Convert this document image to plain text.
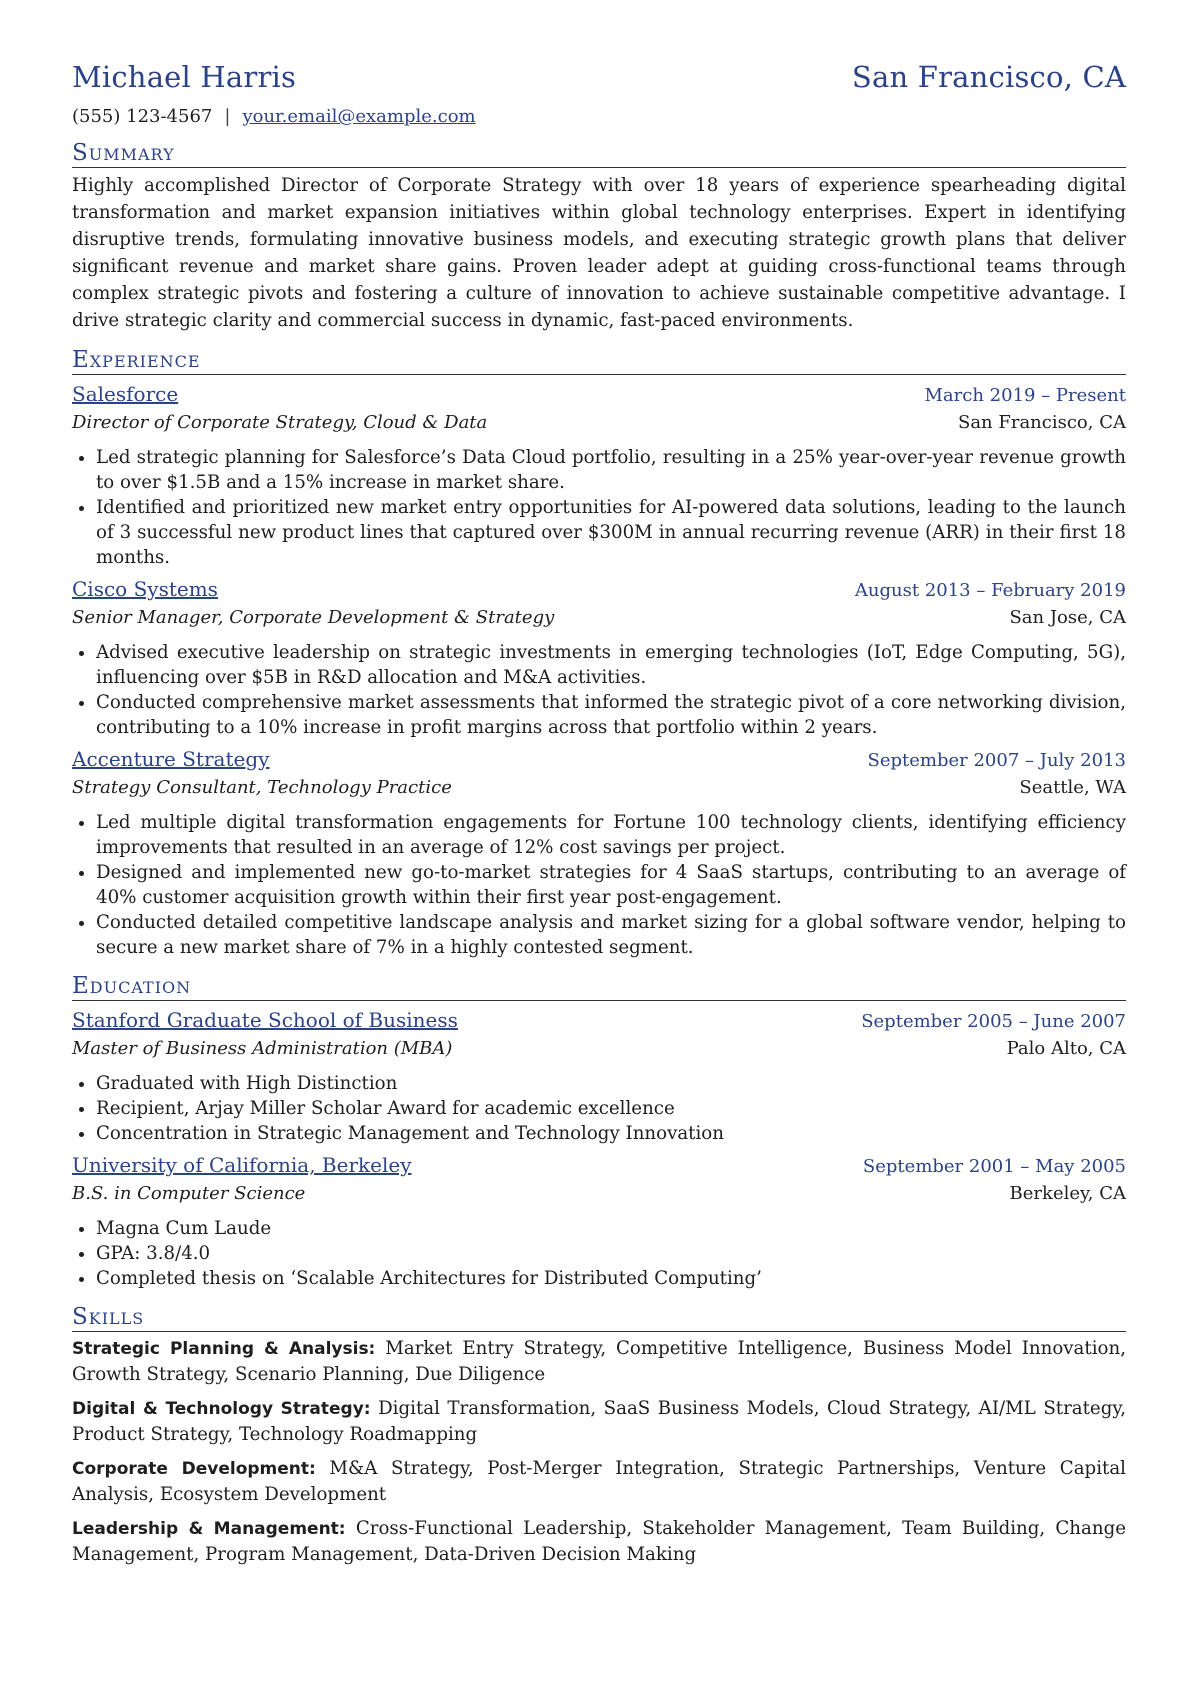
Michael Harris	San Francisco, CA
(555) 123-4567 | your.email@example.com
Summary
Highly accomplished Director of Corporate Strategy with over 18 years of experience spearheading digital transformation and market expansion initiatives within global technology enterprises. Expert in identifying disruptive trends, formulating innovative business models, and executing strategic growth plans that deliver significant revenue and market share gains. Proven leader adept at guiding cross-functional teams through complex strategic pivots and fostering a culture of innovation to achieve sustainable competitive advantage. I drive strategic clarity and commercial success in dynamic, fast-paced environments.
Experience
Salesforce	March 2019 – Present
Director of Corporate Strategy, Cloud & Data	San Francisco, CA
• Led strategic planning for Salesforce’s Data Cloud portfolio, resulting in a 25% year-over-year revenue growth to over $1.5B and a 15% increase in market share.
• Identified and prioritized new market entry opportunities for AI-powered data solutions, leading to the launch of 3 successful new product lines that captured over $300M in annual recurring revenue (ARR) in their first 18 months.
Cisco Systems	August 2013 – February 2019
Senior Manager, Corporate Development & Strategy	San Jose, CA
• Advised executive leadership on strategic investments in emerging technologies (IoT, Edge Computing, 5G), influencing over $5B in R&D allocation and M&A activities.
• Conducted comprehensive market assessments that informed the strategic pivot of a core networking division, contributing to a 10% increase in profit margins across that portfolio within 2 years.
Accenture Strategy	September 2007 – July 2013
Strategy Consultant, Technology Practice	Seattle, WA
• Led multiple digital transformation engagements for Fortune 100 technology clients, identifying efficiency improvements that resulted in an average of 12% cost savings per project.
• Designed and implemented new go-to-market strategies for 4 SaaS startups, contributing to an average of 40% customer acquisition growth within their first year post-engagement.
• Conducted detailed competitive landscape analysis and market sizing for a global software vendor, helping to secure a new market share of 7% in a highly contested segment.
Education
Stanford Graduate School of Business	September 2005 – June 2007
Master of Business Administration (MBA)	Palo Alto, CA
• Graduated with High Distinction
• Recipient, Arjay Miller Scholar Award for academic excellence
• Concentration in Strategic Management and Technology Innovation
University of California, Berkeley	September 2001 – May 2005
B.S. in Computer Science	Berkeley, CA
• Magna Cum Laude
• GPA: 3.8/4.0
• Completed thesis on ‘Scalable Architectures for Distributed Computing’
Skills
Strategic Planning & Analysis: Market Entry Strategy, Competitive Intelligence, Business Model Innovation, Growth Strategy, Scenario Planning, Due Diligence
Digital & Technology Strategy: Digital Transformation, SaaS Business Models, Cloud Strategy, AI/ML Strategy, Product Strategy, Technology Roadmapping
Corporate Development: M&A Strategy, Post-Merger Integration, Strategic Partnerships, Venture Capital Analysis, Ecosystem Development
Leadership & Management: Cross-Functional Leadership, Stakeholder Management, Team Building, Change Management, Program Management, Data-Driven Decision Making
